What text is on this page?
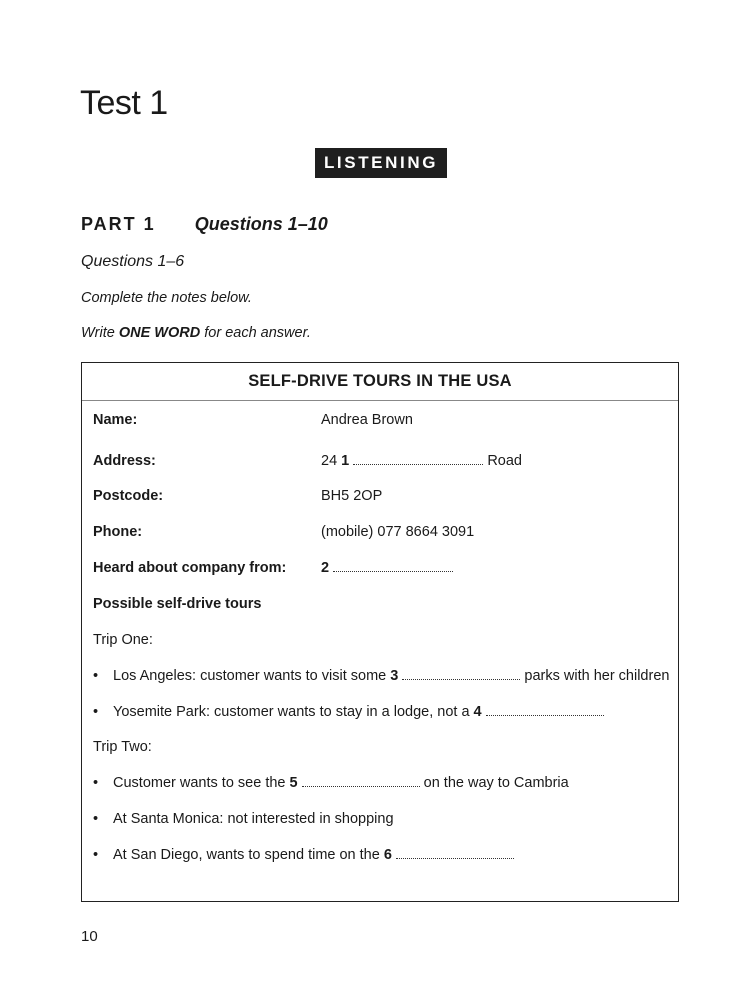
Test 1
LISTENING
PART 1 Questions 1–10
Questions 1–6
Complete the notes below.
Write ONE WORD for each answer.
SELF-DRIVE TOURS IN THE USA
Name:	Andrea Brown
Address:	24 1	Road
Postcode:	BH5 2OP
Phone:	(mobile) 077 8664 3091
Heard about company from: 2
Possible self-drive tours
Trip One:
• Los Angeles: customer wants to visit some 3	parks with her children
• Yosemite Park: customer wants to stay in a lodge, not a 4
Trip Two:
• Customer wants to see the 5	on the way to Cambria
• At Santa Monica: not interested in shopping
• At San Diego, wants to spend time on the 6
10
